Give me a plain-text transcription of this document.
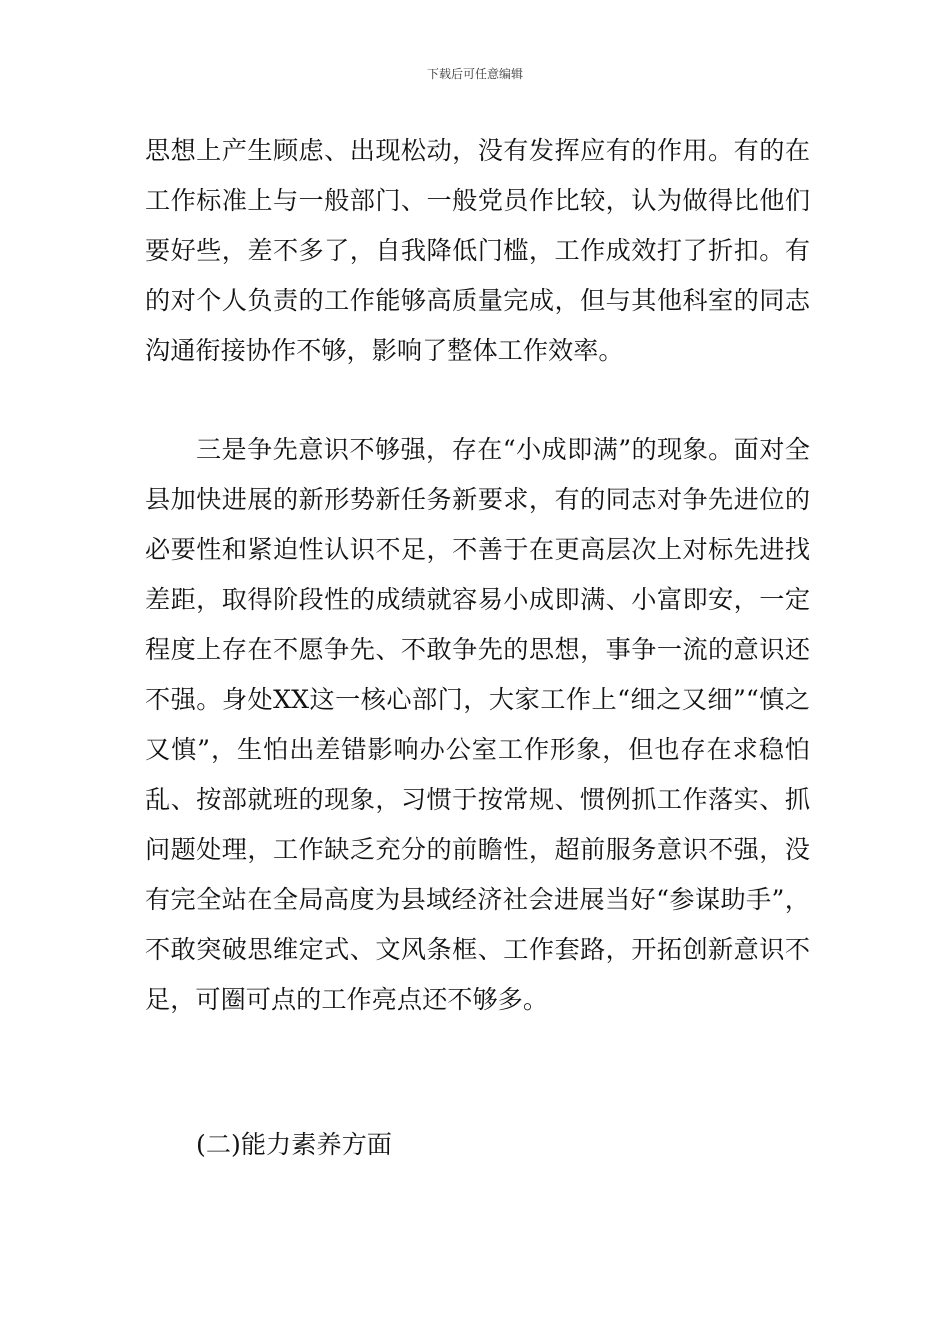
下载后可任意编辑

思想上产生顾虑、出现松动，没有发挥应有的作用。有的在工作标准上与一般部门、一般党员作比较，认为做得比他们要好些，差不多了，自我降低门槛，工作成效打了折扣。有的对个人负责的工作能够高质量完成，但与其他科室的同志沟通衔接协作不够，影响了整体工作效率。

三是争先意识不够强，存在“小成即满”的现象。面对全县加快进展的新形势新任务新要求，有的同志对争先进位的必要性和紧迫性认识不足，不善于在更高层次上对标先进找差距，取得阶段性的成绩就容易小成即满、小富即安，一定程度上存在不愿争先、不敢争先的思想，事争一流的意识还不强。身处XX这一核心部门，大家工作上“细之又细”“慎之又慎”，生怕出差错影响办公室工作形象，但也存在求稳怕乱、按部就班的现象，习惯于按常规、惯例抓工作落实、抓问题处理，工作缺乏充分的前瞻性，超前服务意识不强，没有完全站在全局高度为县域经济社会进展当好“参谋助手”，不敢突破思维定式、文风条框、工作套路，开拓创新意识不足，可圈可点的工作亮点还不够多。

(二)能力素养方面
